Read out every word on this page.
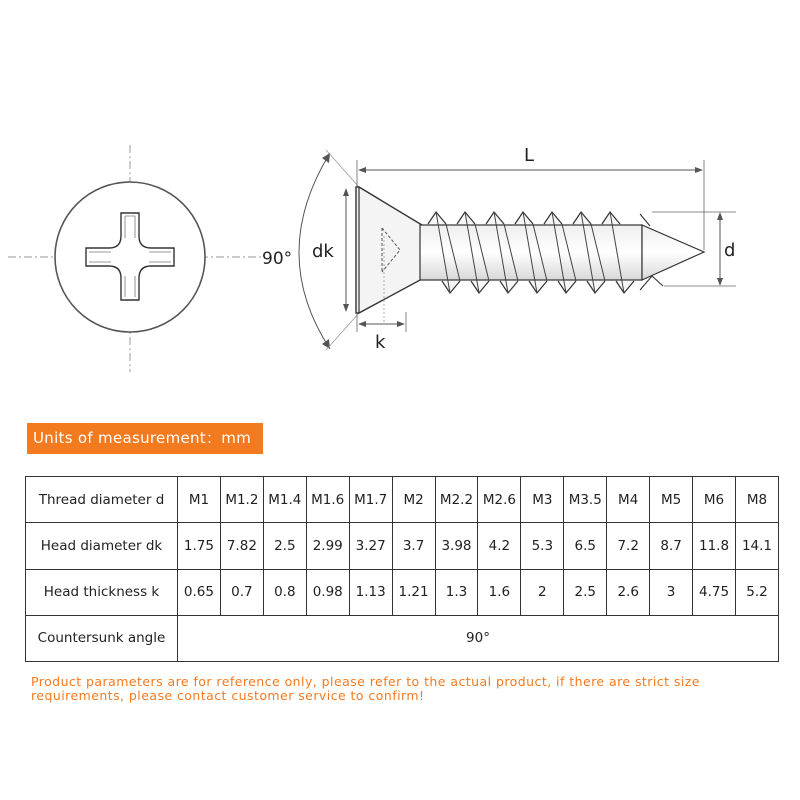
90° dk
L
d
k
Units of measurement：mm
Thread diameter d	M1	M1.2	M1.4	M1.6	M1.7	M2	M2.2	M2.6	M3	M3.5	M4	M5	M6	M8
Head diameter dk	1.75	7.82	2.5	2.99	3.27	3.7	3.98	4.2	5.3	6.5	7.2	8.7	11.8	14.1
Head thickness k	0.65	0.7	0.8	0.98	1.13	1.21	1.3	1.6	2	2.5	2.6	3	4.75	5.2
Countersunk angle	90°													
Product parameters are for reference only, please refer to the actual product, if there are strict size requirements, please contact customer service to confirm!
